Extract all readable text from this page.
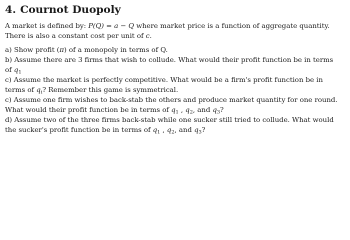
4. Cournot Duopoly
A market is defined by: P(Q) = a − Q where market price is a function of aggregate quantity.
There is also a constant cost per unit of c.
a) Show profit (π) of a monopoly in terms of Q.
b) Assume there are 3 firms that wish to collude. What would their profit function be in terms
of $q_1$
c) Assume the market is perfectly competitive. What would be a firm's profit function be in
terms of $q_i$? Remember this game is symmetrical.
c) Assume one firm wishes to back-stab the others and produce market quantity for one round.
What would their profit function be in terms of $q_1$ , $q_2$, and $q_3$?
d) Assume two of the three firms back-stab while one sucker still tried to collude. What would
the sucker's profit function be in terms of $q_1$ , $q_2$, and $q_3$?
